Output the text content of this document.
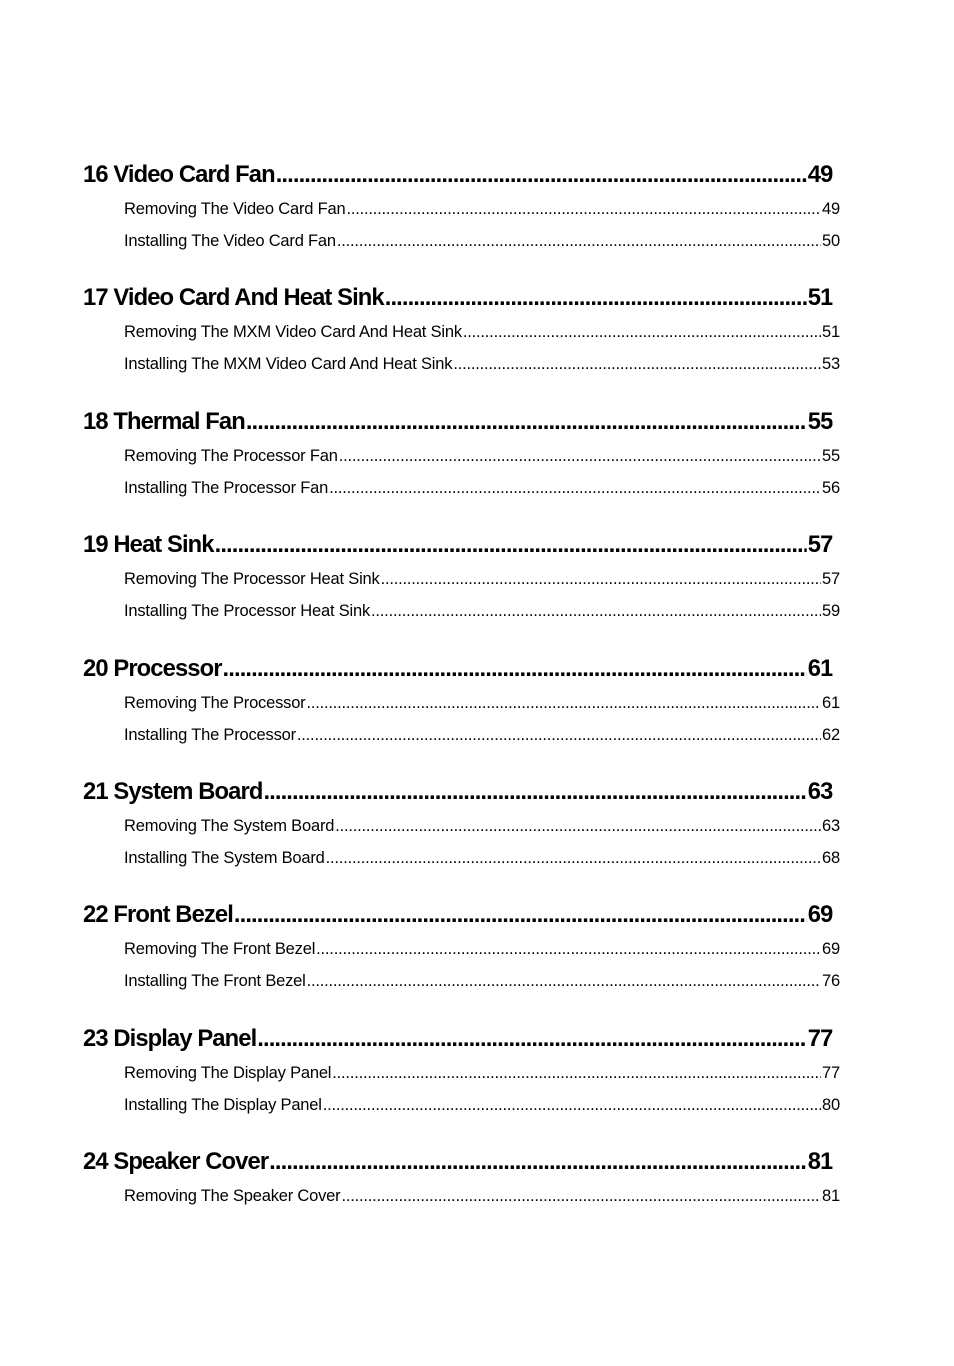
16 Video Card Fan .....	49
Removing The Video Card Fan .....	49
Installing The Video Card Fan .....	50
17 Video Card And Heat Sink .....	51
Removing The MXM Video Card And Heat Sink .....	51
Installing The MXM Video Card And Heat Sink .....	53
18 Thermal Fan .....	55
Removing The Processor Fan .....	55
Installing The Processor Fan .....	56
19 Heat Sink .....	57
Removing The Processor Heat Sink .....	57
Installing The Processor Heat Sink .....	59
20 Processor .....	61
Removing The Processor .....	61
Installing The Processor .....	62
21 System Board .....	63
Removing The System Board .....	63
Installing The System Board .....	68
22 Front Bezel .....	69
Removing The Front Bezel .....	69
Installing The Front Bezel .....	76
23 Display Panel .....	77
Removing The Display Panel .....	77
Installing The Display Panel .....	80
24 Speaker Cover .....	81
Removing The Speaker Cover .....	81
